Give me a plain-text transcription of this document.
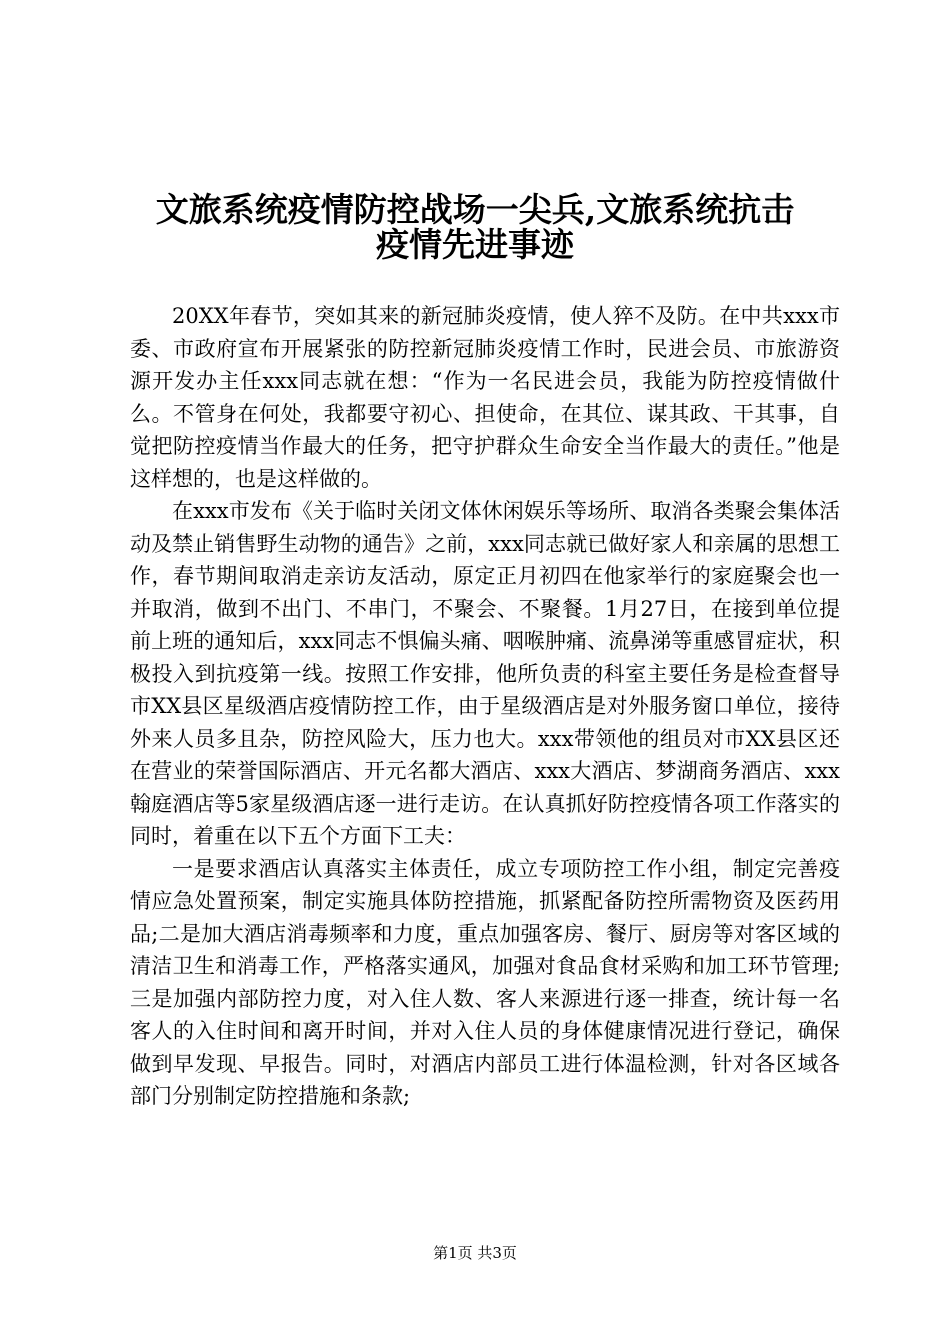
文旅系统疫情防控战场一尖兵,文旅系统抗击
疫情先进事迹

20XX年春节，突如其来的新冠肺炎疫情，使人猝不及防。在中共xxx市委、市政府宣布开展紧张的防控新冠肺炎疫情工作时，民进会员、市旅游资源开发办主任xxx同志就在想：“作为一名民进会员，我能为防控疫情做什么。不管身在何处，我都要守初心、担使命，在其位、谋其政、干其事，自觉把防控疫情当作最大的任务，把守护群众生命安全当作最大的责任。”他是这样想的，也是这样做的。

在xxx市发布《关于临时关闭文体休闲娱乐等场所、取消各类聚会集体活动及禁止销售野生动物的通告》之前，xxx同志就已做好家人和亲属的思想工作，春节期间取消走亲访友活动，原定正月初四在他家举行的家庭聚会也一并取消，做到不出门、不串门，不聚会、不聚餐。1月27日，在接到单位提前上班的通知后，xxx同志不惧偏头痛、咽喉肿痛、流鼻涕等重感冒症状，积极投入到抗疫第一线。按照工作安排，他所负责的科室主要任务是检查督导市XX县区星级酒店疫情防控工作，由于星级酒店是对外服务窗口单位，接待外来人员多且杂，防控风险大，压力也大。xxx带领他的组员对市XX县区还在营业的荣誉国际酒店、开元名都大酒店、xxx大酒店、梦湖商务酒店、xxx翰庭酒店等5家星级酒店逐一进行走访。在认真抓好防控疫情各项工作落实的同时，着重在以下五个方面下工夫：

一是要求酒店认真落实主体责任，成立专项防控工作小组，制定完善疫情应急处置预案，制定实施具体防控措施，抓紧配备防控所需物资及医药用品;二是加大酒店消毒频率和力度，重点加强客房、餐厅、厨房等对客区域的清洁卫生和消毒工作，严格落实通风，加强对食品食材采购和加工环节管理;三是加强内部防控力度，对入住人数、客人来源进行逐一排查，统计每一名客人的入住时间和离开时间，并对入住人员的身体健康情况进行登记，确保做到早发现、早报告。同时，对酒店内部员工进行体温检测，针对各区域各部门分别制定防控措施和条款;

第1页 共3页
